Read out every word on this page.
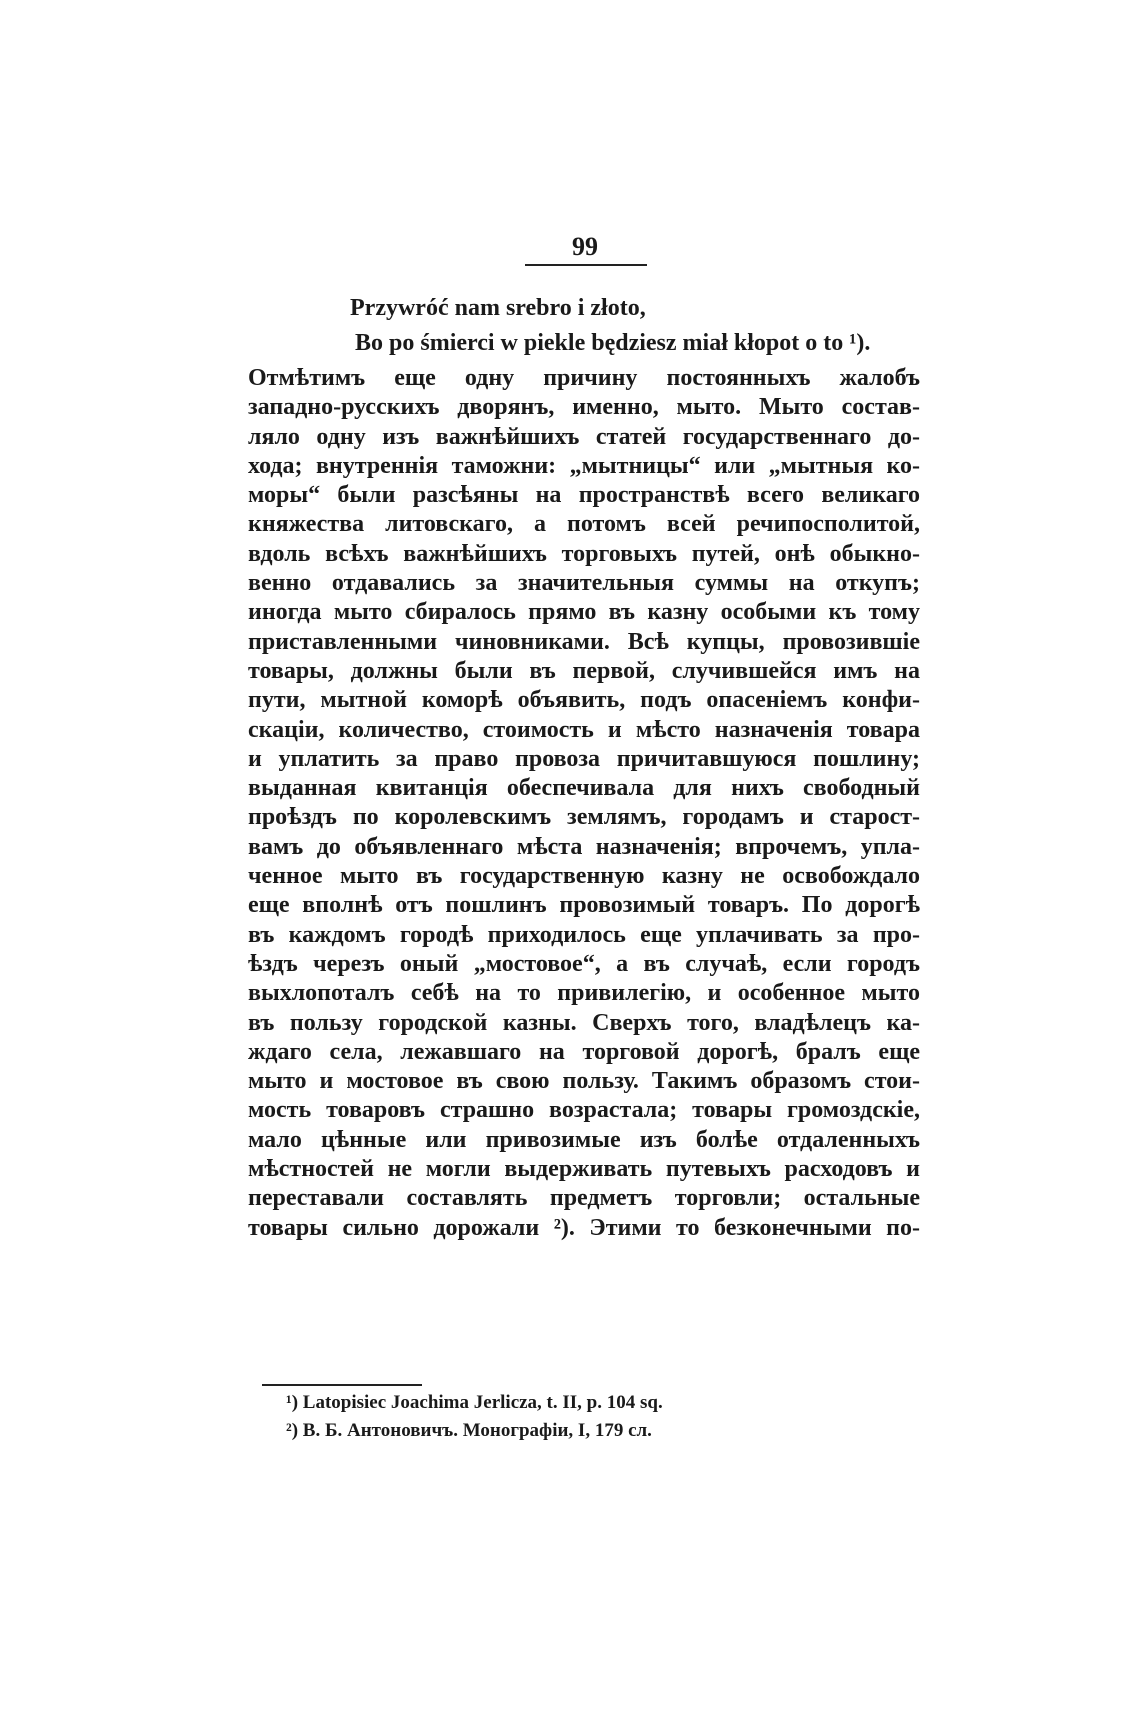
99
Przywróć nam srebro i złoto,
Bo po śmierci w piekle będziesz miał kłopot o to ¹).
Отмѣтимъ еще одну причину постоянныхъ жалобъ
западно-русскихъ дворянъ, именно, мыто. Мыто состав-
ляло одну изъ важнѣйшихъ статей государственнаго до-
хода; внутреннія таможни: „мытницы“ или „мытныя ко-
моры“ были разсѣяны на пространствѣ всего великаго
княжества литовскаго, а потомъ всей речипосполитой,
вдоль всѣхъ важнѣйшихъ торговыхъ путей, онѣ обыкно-
венно отдавались за значительныя суммы на откупъ;
иногда мыто сбиралось прямо въ казну особыми къ тому
приставленными чиновниками. Всѣ купцы, провозившіе
товары, должны были въ первой, случившейся имъ на
пути, мытной коморѣ объявить, подъ опасеніемъ конфи-
скаціи, количество, стоимость и мѣсто назначенія товара
и уплатить за право провоза причитавшуюся пошлину;
выданная квитанція обеспечивала для нихъ свободный
проѣздъ по королевскимъ землямъ, городамъ и старост-
вамъ до объявленнаго мѣста назначенія; впрочемъ, упла-
ченное мыто въ государственную казну не освобождало
еще вполнѣ отъ пошлинъ провозимый товаръ. По дорогѣ
въ каждомъ городѣ приходилось еще уплачивать за про-
ѣздъ черезъ оный „мостовое“, а въ случаѣ, если городъ
выхлопоталъ себѣ на то привилегію, и особенное мыто
въ пользу городской казны. Сверхъ того, владѣлецъ ка-
ждаго села, лежавшаго на торговой дорогѣ, бралъ еще
мыто и мостовое въ свою пользу. Такимъ образомъ стои-
мость товаровъ страшно возрастала; товары громоздскіе,
мало цѣнные или привозимые изъ болѣе отдаленныхъ
мѣстностей не могли выдерживать путевыхъ расходовъ и
переставали составлять предметъ торговли; остальные
товары сильно дорожали ²). Этими то безконечными по-
¹) Latopisiec Joachima Jerlicza, t. II, p. 104 sq.
²) В. Б. Антоновичъ. Монографіи, I, 179 сл.
